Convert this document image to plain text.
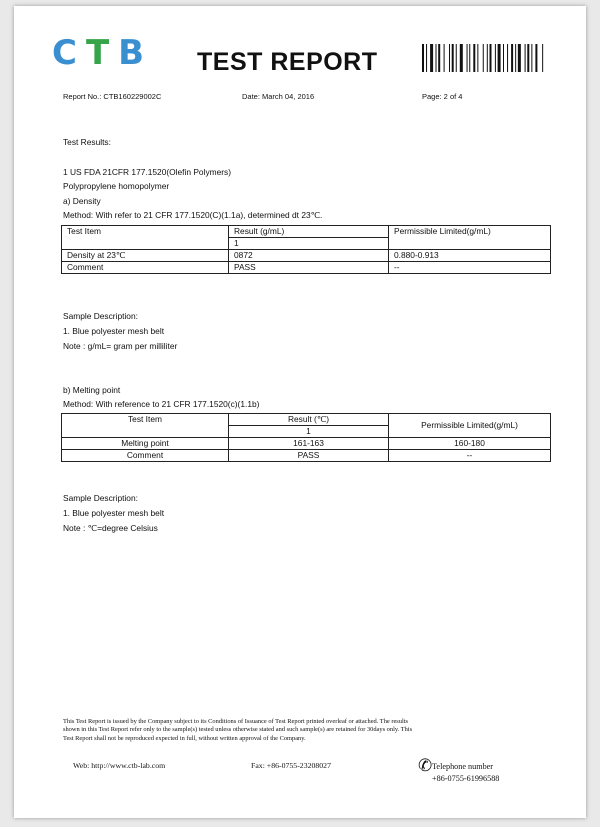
CTB TEST REPORT
Report No.: CTB160229002C	Date: March 04, 2016	Page: 2 of 4
Test Results:
1 US FDA 21CFR 177.1520(Olefin Polymers)
Polypropylene homopolymer
a) Density
Method: With refer to 21 CFR 177.1520(C)(1.1a), determined dt 23℃.
Test Item	Result (g/mL)	Permissible Limited(g/mL)
	1	
Density at 23℃	0872	0.880-0.913
Comment	PASS	--
Sample Description:
1. Blue polyester mesh belt
Note : g/mL= gram per milliliter
b) Melting point
Method: With reference to 21 CFR 177.1520(c)(1.1b)
Test Item	Result (℃)	Permissible Limited(g/mL)
	1	
Melting point	161-163	160-180
Comment	PASS	--
Sample Description:
1. Blue polyester mesh belt
Note : ℃=degree Celsius
This Test Report is issued by the Company subject to its Conditions of Issuance of Test Report printed overleaf or attached. The results
shown in this Test Report refer only to the sample(s) tested unless otherwise stated and such sample(s) are retained for 30days only. This
Test Report shall not be reproduced expected in full, without written approval of the Company.
Web: http://www.ctb-lab.com	Fax: +86-0755-23208027	✆ Telephone number
+86-0755-61996588
